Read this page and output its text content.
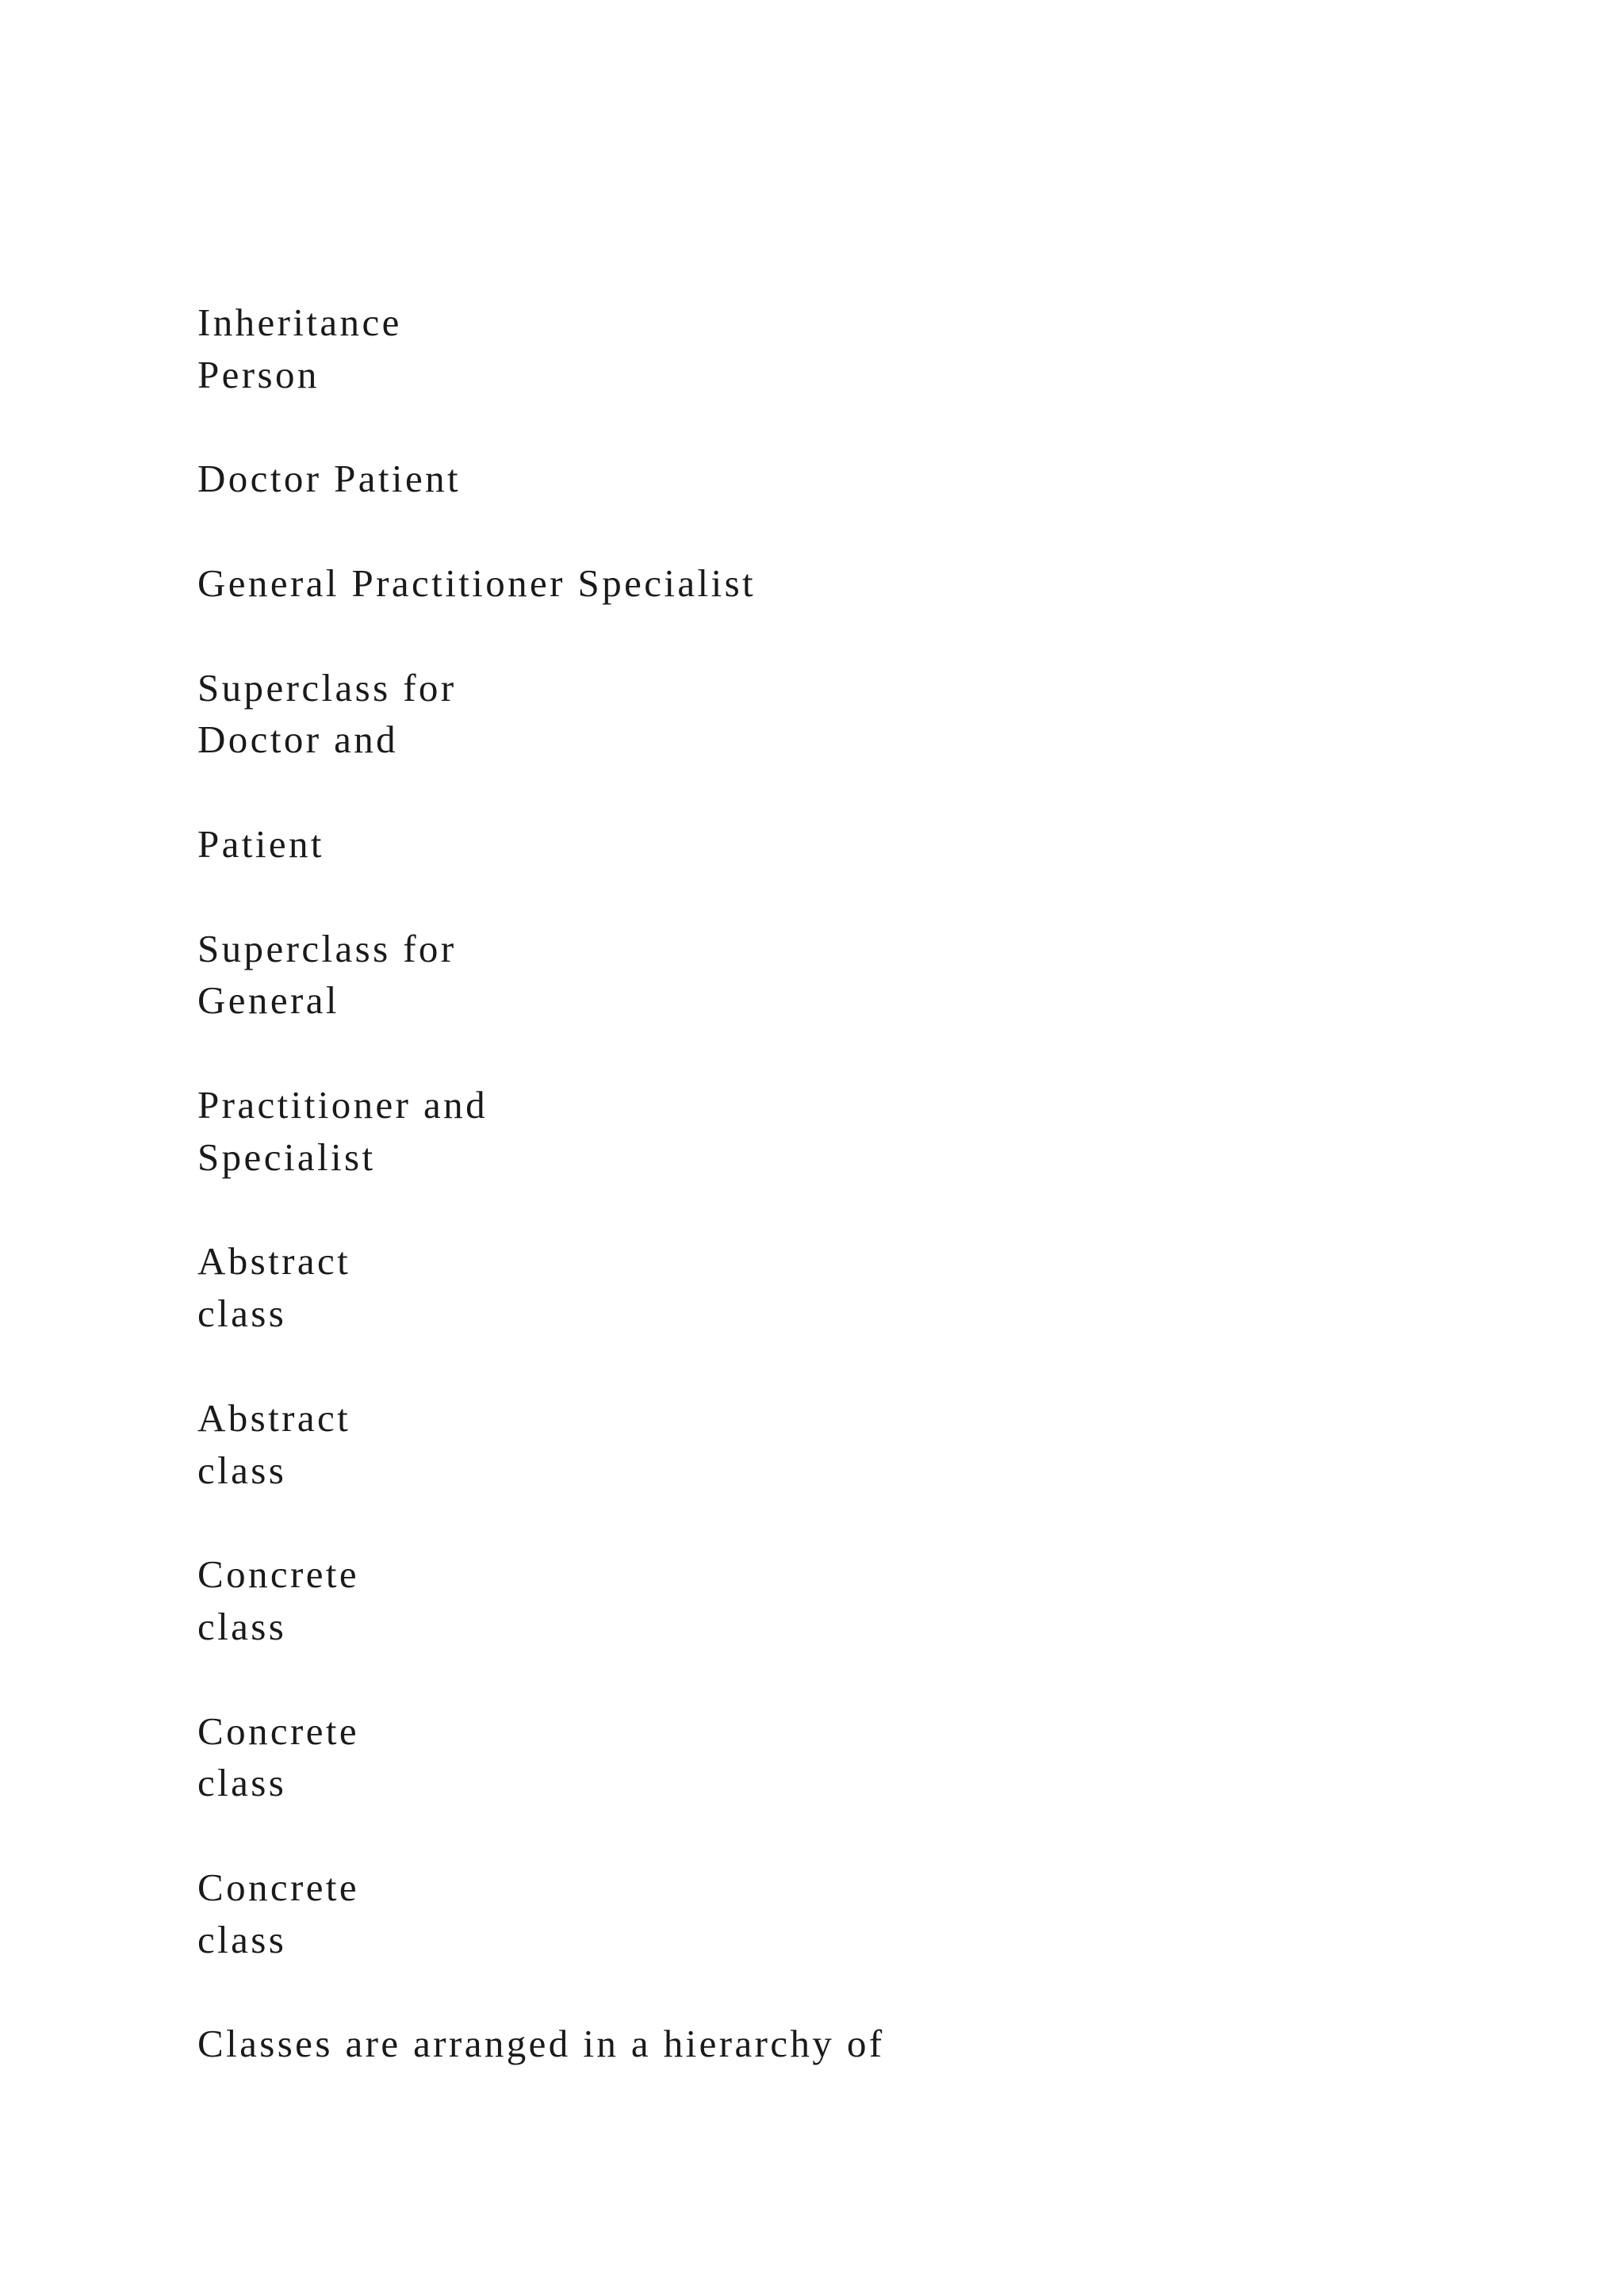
Inheritance
Person
Doctor Patient
General Practitioner Specialist
Superclass for
Doctor and
Patient
Superclass for
General
Practitioner and
Specialist
Abstract
class
Abstract
class
Concrete
class
Concrete
class
Concrete
class
Classes are arranged in a hierarchy of
